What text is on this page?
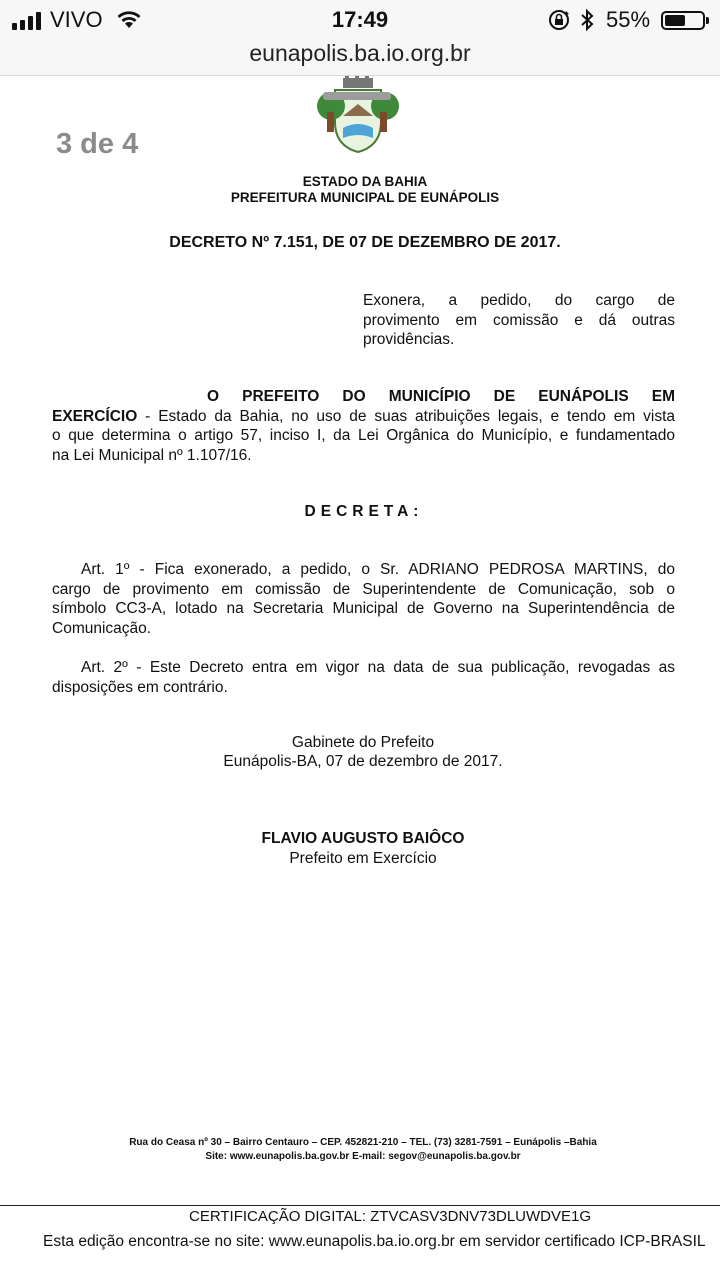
VIVO	17:49	55%
eunapolis.ba.io.org.br
3 de 4
ESTADO DA BAHIA
PREFEITURA MUNICIPAL DE EUNÁPOLIS
DECRETO Nº 7.151, DE 07 DE DEZEMBRO DE 2017.
Exonera, a pedido, do cargo de
provimento em comissão e dá outras
providências.
O PREFEITO DO MUNICÍPIO DE EUNÁPOLIS EM
EXERCÍCIO - Estado da Bahia, no uso de suas atribuições legais, e tendo em vista
o que determina o artigo 57, inciso I, da Lei Orgânica do Município, e fundamentado
na Lei Municipal nº 1.107/16.
DECRETA:
Art. 1º - Fica exonerado, a pedido, o Sr. ADRIANO PEDROSA MARTINS, do
cargo de provimento em comissão de Superintendente de Comunicação, sob o
símbolo CC3-A, lotado na Secretaria Municipal de Governo na Superintendência de
Comunicação.
Art. 2º - Este Decreto entra em vigor na data de sua publicação, revogadas as
disposições em contrário.
Gabinete do Prefeito
Eunápolis-BA, 07 de dezembro de 2017.
FLAVIO AUGUSTO BAIÔCO
Prefeito em Exercício
Rua do Ceasa nº 30 – Bairro Centauro – CEP. 452821-210 – TEL. (73) 3281-7591 – Eunápolis –Bahia
Site: www.eunapolis.ba.gov.br E-mail: segov@eunapolis.ba.gov.br
CERTIFICAÇÃO DIGITAL: ZTVCASV3DNV73DLUWDVE1G
Esta edição encontra-se no site: www.eunapolis.ba.io.org.br em servidor certificado ICP-BRASIL
